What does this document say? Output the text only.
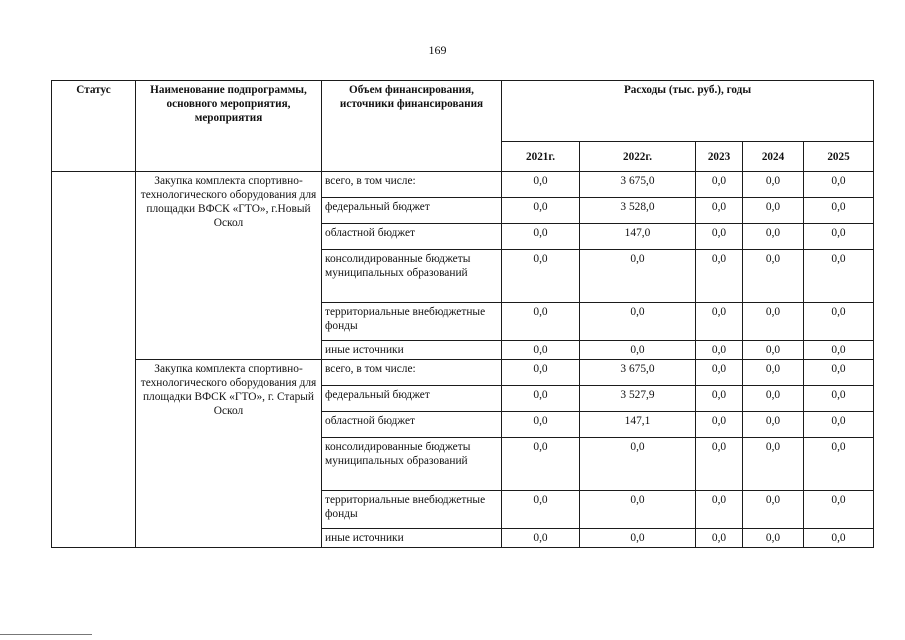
169
Статус	Наименование подпрограммы, основного мероприятия, мероприятия	Объем финансирования, источники финансирования	Расходы (тыс. руб.), годы				
			2021г.	2022г.	2023	2024	2025
	Закупка комплекта спортивно-технологического оборудования для площадки ВФСК «ГТО», г.Новый Оскол	всего, в том числе:	0,0	3 675,0	0,0	0,0	0,0
		федеральный бюджет	0,0	3 528,0	0,0	0,0	0,0
		областной бюджет	0,0	147,0	0,0	0,0	0,0
		консолидированные бюджеты муниципальных образований	0,0	0,0	0,0	0,0	0,0
		территориальные внебюджетные фонды	0,0	0,0	0,0	0,0	0,0
		иные источники	0,0	0,0	0,0	0,0	0,0
	Закупка комплекта спортивно-технологического оборудования для площадки ВФСК «ГТО», г. Старый Оскол	всего, в том числе:	0,0	3 675,0	0,0	0,0	0,0
		федеральный бюджет	0,0	3 527,9	0,0	0,0	0,0
		областной бюджет	0,0	147,1	0,0	0,0	0,0
		консолидированные бюджеты муниципальных образований	0,0	0,0	0,0	0,0	0,0
		территориальные внебюджетные фонды	0,0	0,0	0,0	0,0	0,0
		иные источники	0,0	0,0	0,0	0,0	0,0
